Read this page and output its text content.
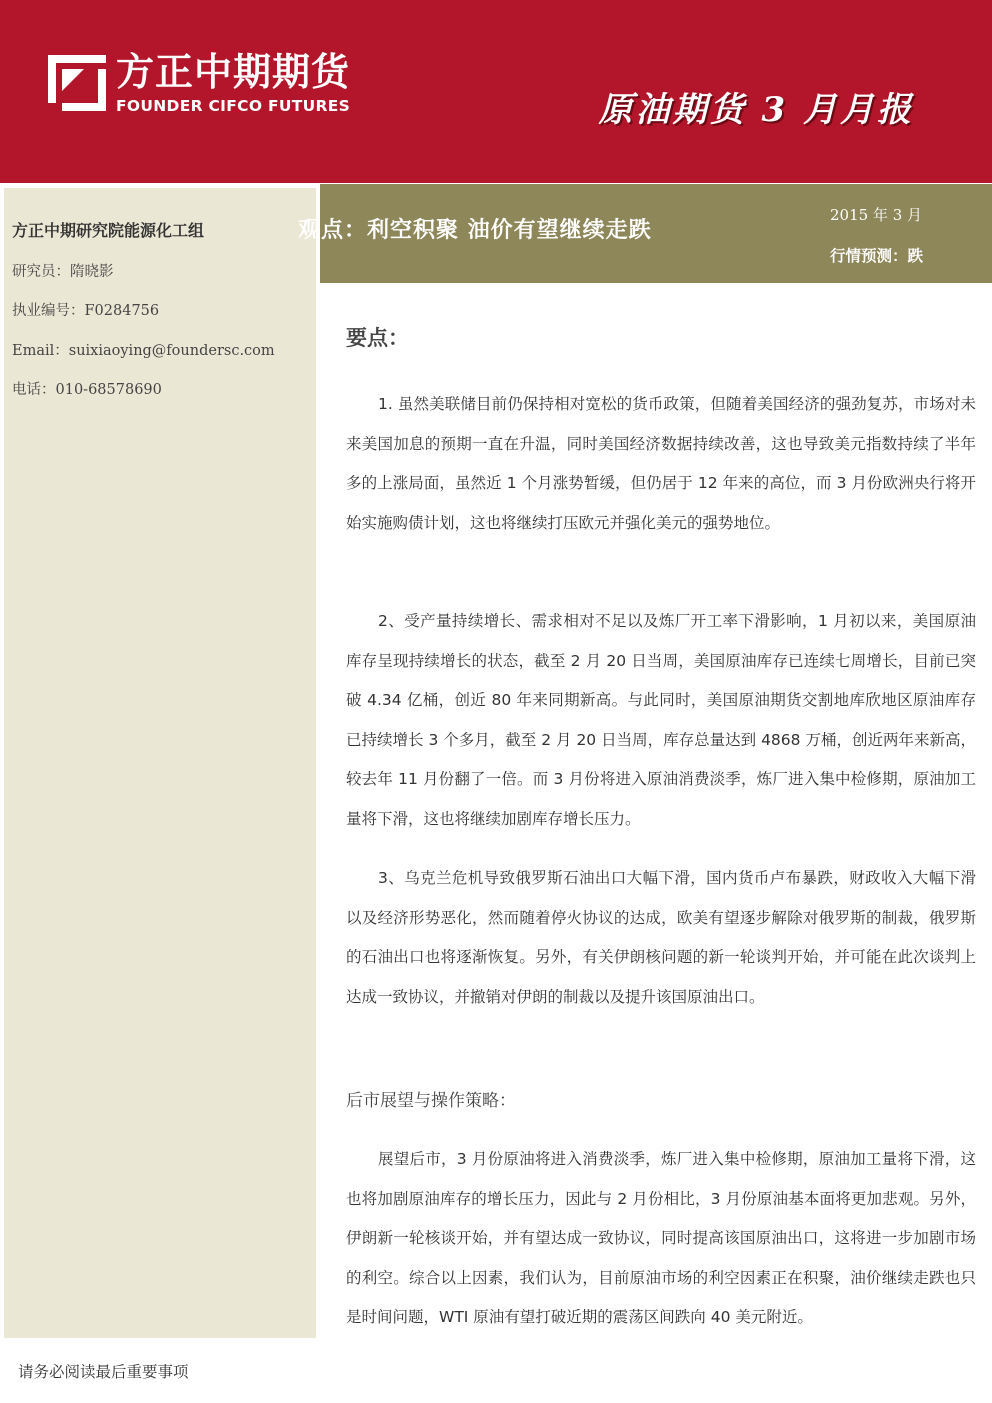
方正中期期货
FOUNDER CIFCO FUTURES	原油期货 3 月月报
方正中期研究院能源化工组
研究员：隋晓影
执业编号：F0284756
Email：suixiaoying@foundersc.com
电话：010-68578690
观点：利空积聚 油价有望继续走跌
2015 年 3 月
行情预测：跌
要点：
1. 虽然美联储目前仍保持相对宽松的货币政策，但随着美国经济的强劲复苏，市场对未来美国加息的预期一直在升温，同时美国经济数据持续改善，这也导致美元指数持续了半年多的上涨局面，虽然近 1 个月涨势暂缓，但仍居于 12 年来的高位，而 3 月份欧洲央行将开始实施购债计划，这也将继续打压欧元并强化美元的强势地位。
2、受产量持续增长、需求相对不足以及炼厂开工率下滑影响，1 月初以来，美国原油库存呈现持续增长的状态，截至 2 月 20 日当周，美国原油库存已连续七周增长，目前已突破 4.34 亿桶，创近 80 年来同期新高。与此同时，美国原油期货交割地库欣地区原油库存已持续增长 3 个多月，截至 2 月 20 日当周，库存总量达到 4868 万桶，创近两年来新高，较去年 11 月份翻了一倍。而 3 月份将进入原油消费淡季，炼厂进入集中检修期，原油加工量将下滑，这也将继续加剧库存增长压力。
3、乌克兰危机导致俄罗斯石油出口大幅下滑，国内货币卢布暴跌，财政收入大幅下滑以及经济形势恶化，然而随着停火协议的达成，欧美有望逐步解除对俄罗斯的制裁，俄罗斯的石油出口也将逐渐恢复。另外，有关伊朗核问题的新一轮谈判开始，并可能在此次谈判上达成一致协议，并撤销对伊朗的制裁以及提升该国原油出口。
后市展望与操作策略：
展望后市，3 月份原油将进入消费淡季，炼厂进入集中检修期，原油加工量将下滑，这也将加剧原油库存的增长压力，因此与 2 月份相比，3 月份原油基本面将更加悲观。另外，伊朗新一轮核谈开始，并有望达成一致协议，同时提高该国原油出口，这将进一步加剧市场的利空。综合以上因素，我们认为，目前原油市场的利空因素正在积聚，油价继续走跌也只是时间问题，WTI 原油有望打破近期的震荡区间跌向 40 美元附近。
请务必阅读最后重要事项
